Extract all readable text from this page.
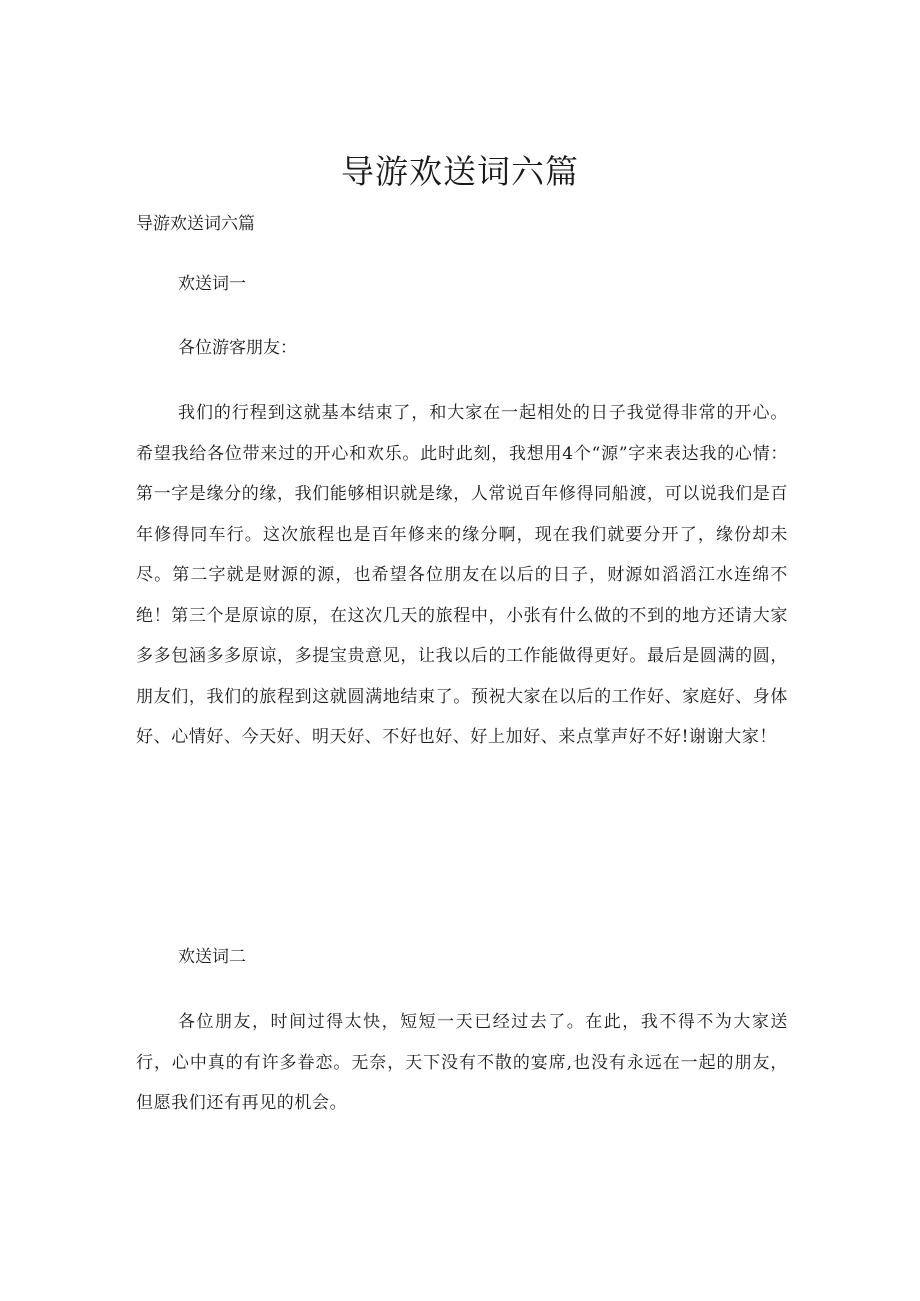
导游欢送词六篇

导游欢送词六篇

欢送词一

各位游客朋友：

我们的行程到这就基本结束了，和大家在一起相处的日子我觉得非常的开心。希望我给各位带来过的开心和欢乐。此时此刻，我想用4个“源”字来表达我的心情：第一字是缘分的缘，我们能够相识就是缘，人常说百年修得同船渡，可以说我们是百年修得同车行。这次旅程也是百年修来的缘分啊，现在我们就要分开了，缘份却未尽。第二字就是财源的源，也希望各位朋友在以后的日子，财源如滔滔江水连绵不绝！第三个是原谅的原，在这次几天的旅程中，小张有什么做的不到的地方还请大家多多包涵多多原谅，多提宝贵意见，让我以后的工作能做得更好。最后是圆满的圆，朋友们，我们的旅程到这就圆满地结束了。预祝大家在以后的工作好、家庭好、身体好、心情好、今天好、明天好、不好也好、好上加好、来点掌声好不好!谢谢大家！

欢送词二

各位朋友，时间过得太快，短短一天已经过去了。在此，我不得不为大家送行，心中真的有许多眷恋。无奈，天下没有不散的宴席,也没有永远在一起的朋友，但愿我们还有再见的机会。
